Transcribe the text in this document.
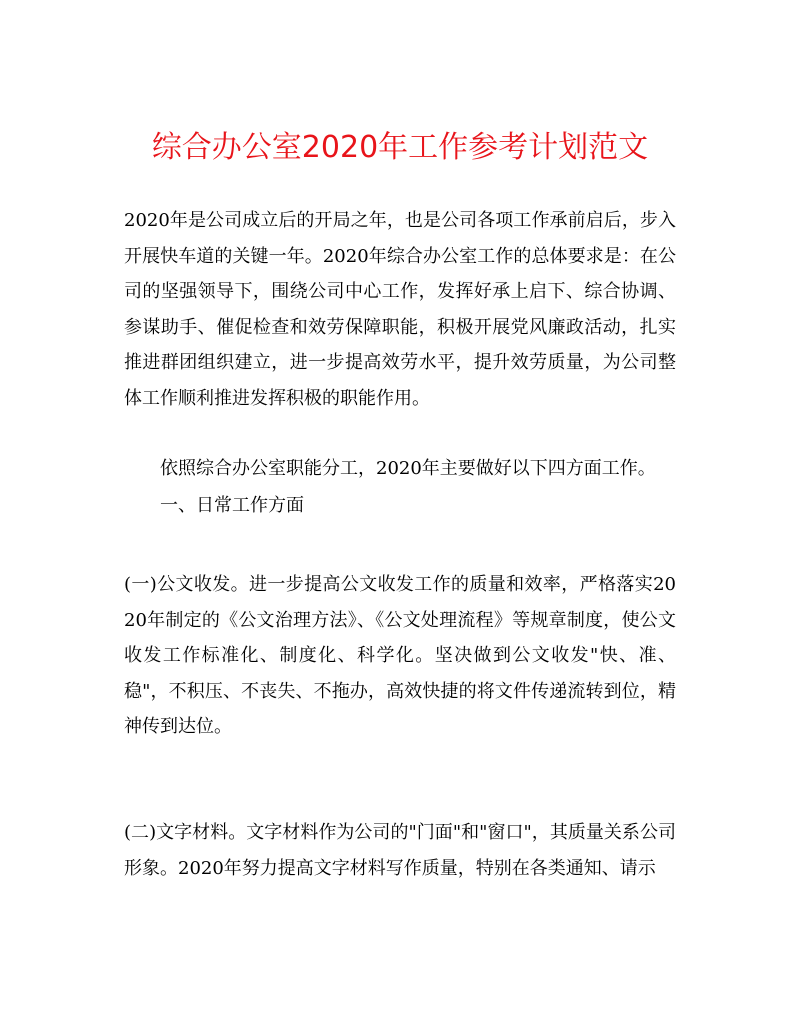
综合办公室2020年工作参考计划范文

2020年是公司成立后的开局之年，也是公司各项工作承前启后，步入开展快车道的关键一年。2020年综合办公室工作的总体要求是：在公司的坚强领导下，围绕公司中心工作，发挥好承上启下、综合协调、参谋助手、催促检查和效劳保障职能，积极开展党风廉政活动，扎实推进群团组织建立，进一步提高效劳水平，提升效劳质量，为公司整体工作顺利推进发挥积极的职能作用。

依照综合办公室职能分工，2020年主要做好以下四方面工作。

一、日常工作方面

(一)公文收发。进一步提高公文收发工作的质量和效率，严格落实2020年制定的《公文治理方法》、《公文处理流程》等规章制度，使公文收发工作标准化、制度化、科学化。坚决做到公文收发"快、准、稳"，不积压、不丧失、不拖办，高效快捷的将文件传递流转到位，精神传到达位。

(二)文字材料。文字材料作为公司的"门面"和"窗口"，其质量关系公司形象。2020年努力提高文字材料写作质量，特别在各类通知、请示
